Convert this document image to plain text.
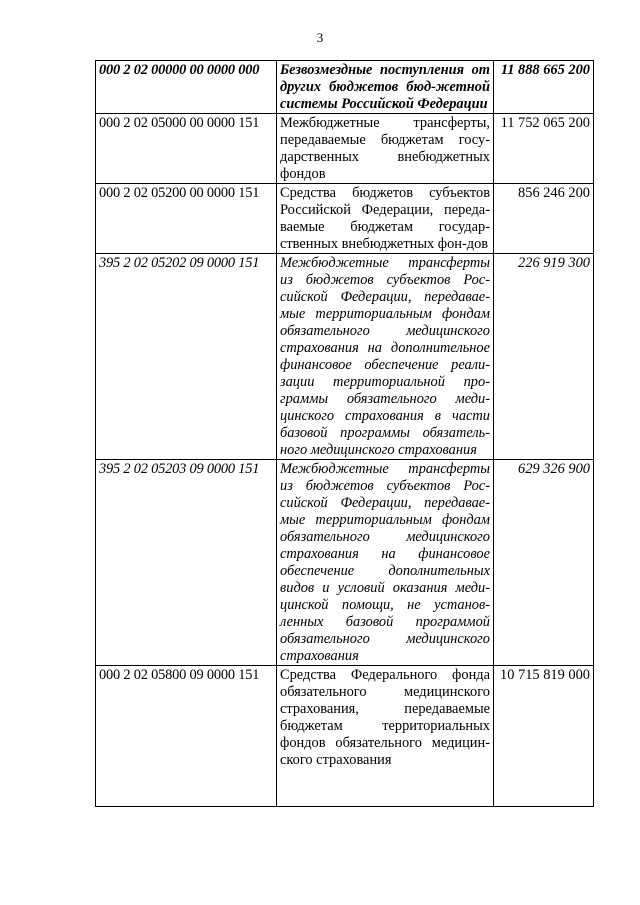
3
000 2 02 00000 00 0000 000	Безвозмездные поступления от других бюджетов бюд-жетной системы Российской Федерации	11 888 665 200
000 2 02 05000 00 0000 151	Межбюджетные трансферты, передаваемые бюджетам госу-дарственных внебюджетных фондов	11 752 065 200
000 2 02 05200 00 0000 151	Средства бюджетов субъектов Российской Федерации, переда-ваемые бюджетам государ-ственных внебюджетных фон-дов	856 246 200
395 2 02 05202 09 0000 151	Межбюджетные трансферты из бюджетов субъектов Рос-сийской Федерации, передавае-мые территориальным фондам обязательного медицинского страхования на дополнительное финансовое обеспечение реали-зации территориальной про-граммы обязательного меди-цинского страхования в части базовой программы обязатель-ного медицинского страхования	226 919 300
395 2 02 05203 09 0000 151	Межбюджетные трансферты из бюджетов субъектов Рос-сийской Федерации, передавае-мые территориальным фондам обязательного медицинского страхования на финансовое обеспечение дополнительных видов и условий оказания меди-цинской помощи, не установ-ленных базовой программой обязательного медицинского страхования	629 326 900
000 2 02 05800 09 0000 151	Средства Федерального фонда обязательного медицинского страхования, передаваемые бюджетам территориальных фондов обязательного медицин-ского страхования	10 715 819 000
